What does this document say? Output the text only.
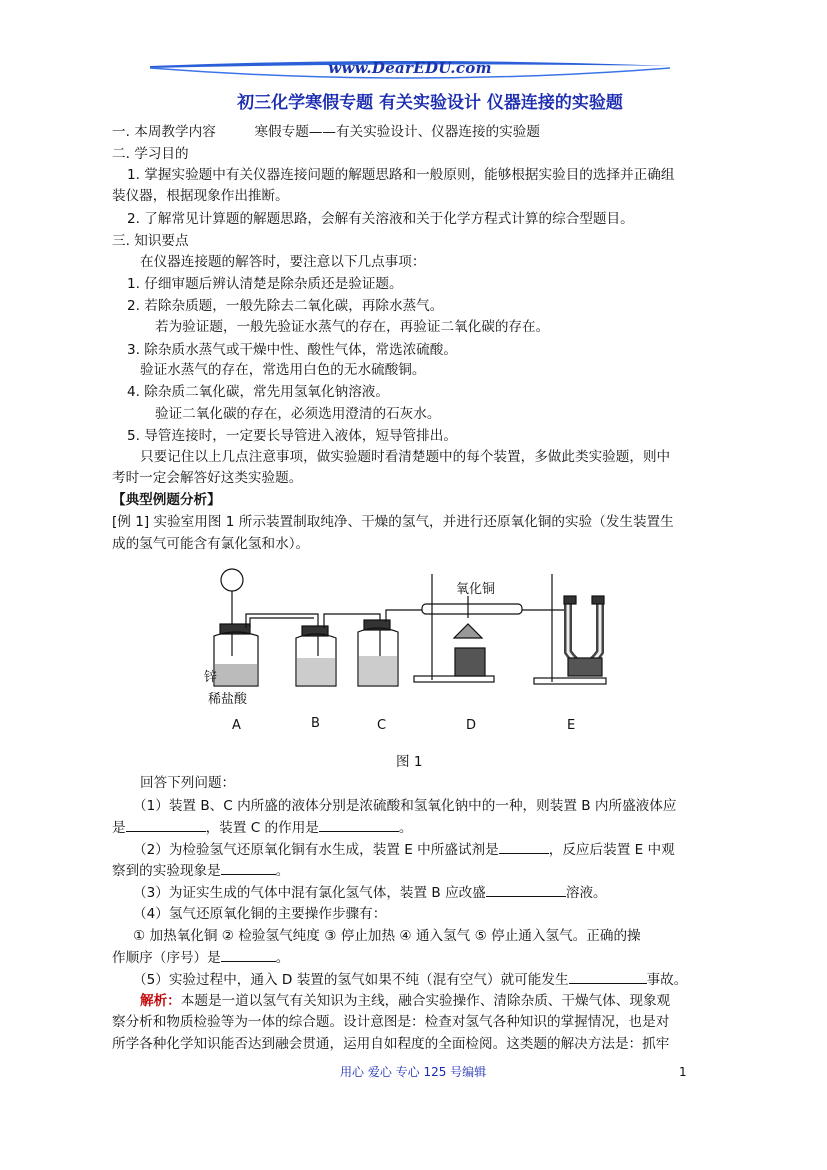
www.DearEDU.com
初三化学寒假专题 有关实验设计 仪器连接的实验题
一. 本周教学内容	寒假专题——有关实验设计、仪器连接的实验题
二. 学习目的
1. 掌握实验题中有关仪器连接问题的解题思路和一般原则，能够根据实验目的选择并正确组
装仪器，根据现象作出推断。
2. 了解常见计算题的解题思路，会解有关溶液和关于化学方程式计算的综合型题目。
三. 知识要点
在仪器连接题的解答时，要注意以下几点事项：
1. 仔细审题后辨认清楚是除杂质还是验证题。
2. 若除杂质题，一般先除去二氧化碳，再除水蒸气。
若为验证题，一般先验证水蒸气的存在，再验证二氧化碳的存在。
3. 除杂质水蒸气或干燥中性、酸性气体，常选浓硫酸。
验证水蒸气的存在，常选用白色的无水硫酸铜。
4. 除杂质二氧化碳，常先用氢氧化钠溶液。
验证二氧化碳的存在，必须选用澄清的石灰水。
5. 导管连接时，一定要长导管进入液体，短导管排出。
只要记住以上几点注意事项，做实验题时看清楚题中的每个装置，多做此类实验题，则中
考时一定会解答好这类实验题。
【典型例题分析】
[例 1] 实验室用图 1 所示装置制取纯净、干燥的氢气，并进行还原氧化铜的实验（发生装置生
成的氢气可能含有氯化氢和水）。
氧化铜
锌
稀盐酸
A	B	C	D	E
图 1
回答下列问题：
（1）装置 B、C 内所盛的液体分别是浓硫酸和氢氧化钠中的一种，则装置 B 内所盛液体应
是	，装置 C 的作用是	。
（2）为检验氢气还原氧化铜有水生成，装置 E 中所盛试剂是	，反应后装置 E 中观
察到的实验现象是	。
（3）为证实生成的气体中混有氯化氢气体，装置 B 应改盛	溶液。
（4）氢气还原氧化铜的主要操作步骤有：
① 加热氧化铜 ② 检验氢气纯度 ③ 停止加热 ④ 通入氢气 ⑤ 停止通入氢气。正确的操
作顺序（序号）是	。
（5）实验过程中，通入 D 装置的氢气如果不纯（混有空气）就可能发生	事故。
解析：本题是一道以氢气有关知识为主线，融合实验操作、清除杂质、干燥气体、现象观
察分析和物质检验等为一体的综合题。设计意图是：检查对氢气各种知识的掌握情况，也是对
所学各种化学知识能否达到融会贯通，运用自如程度的全面检阅。这类题的解决方法是：抓牢
用心 爱心 专心 125 号编辑	1
